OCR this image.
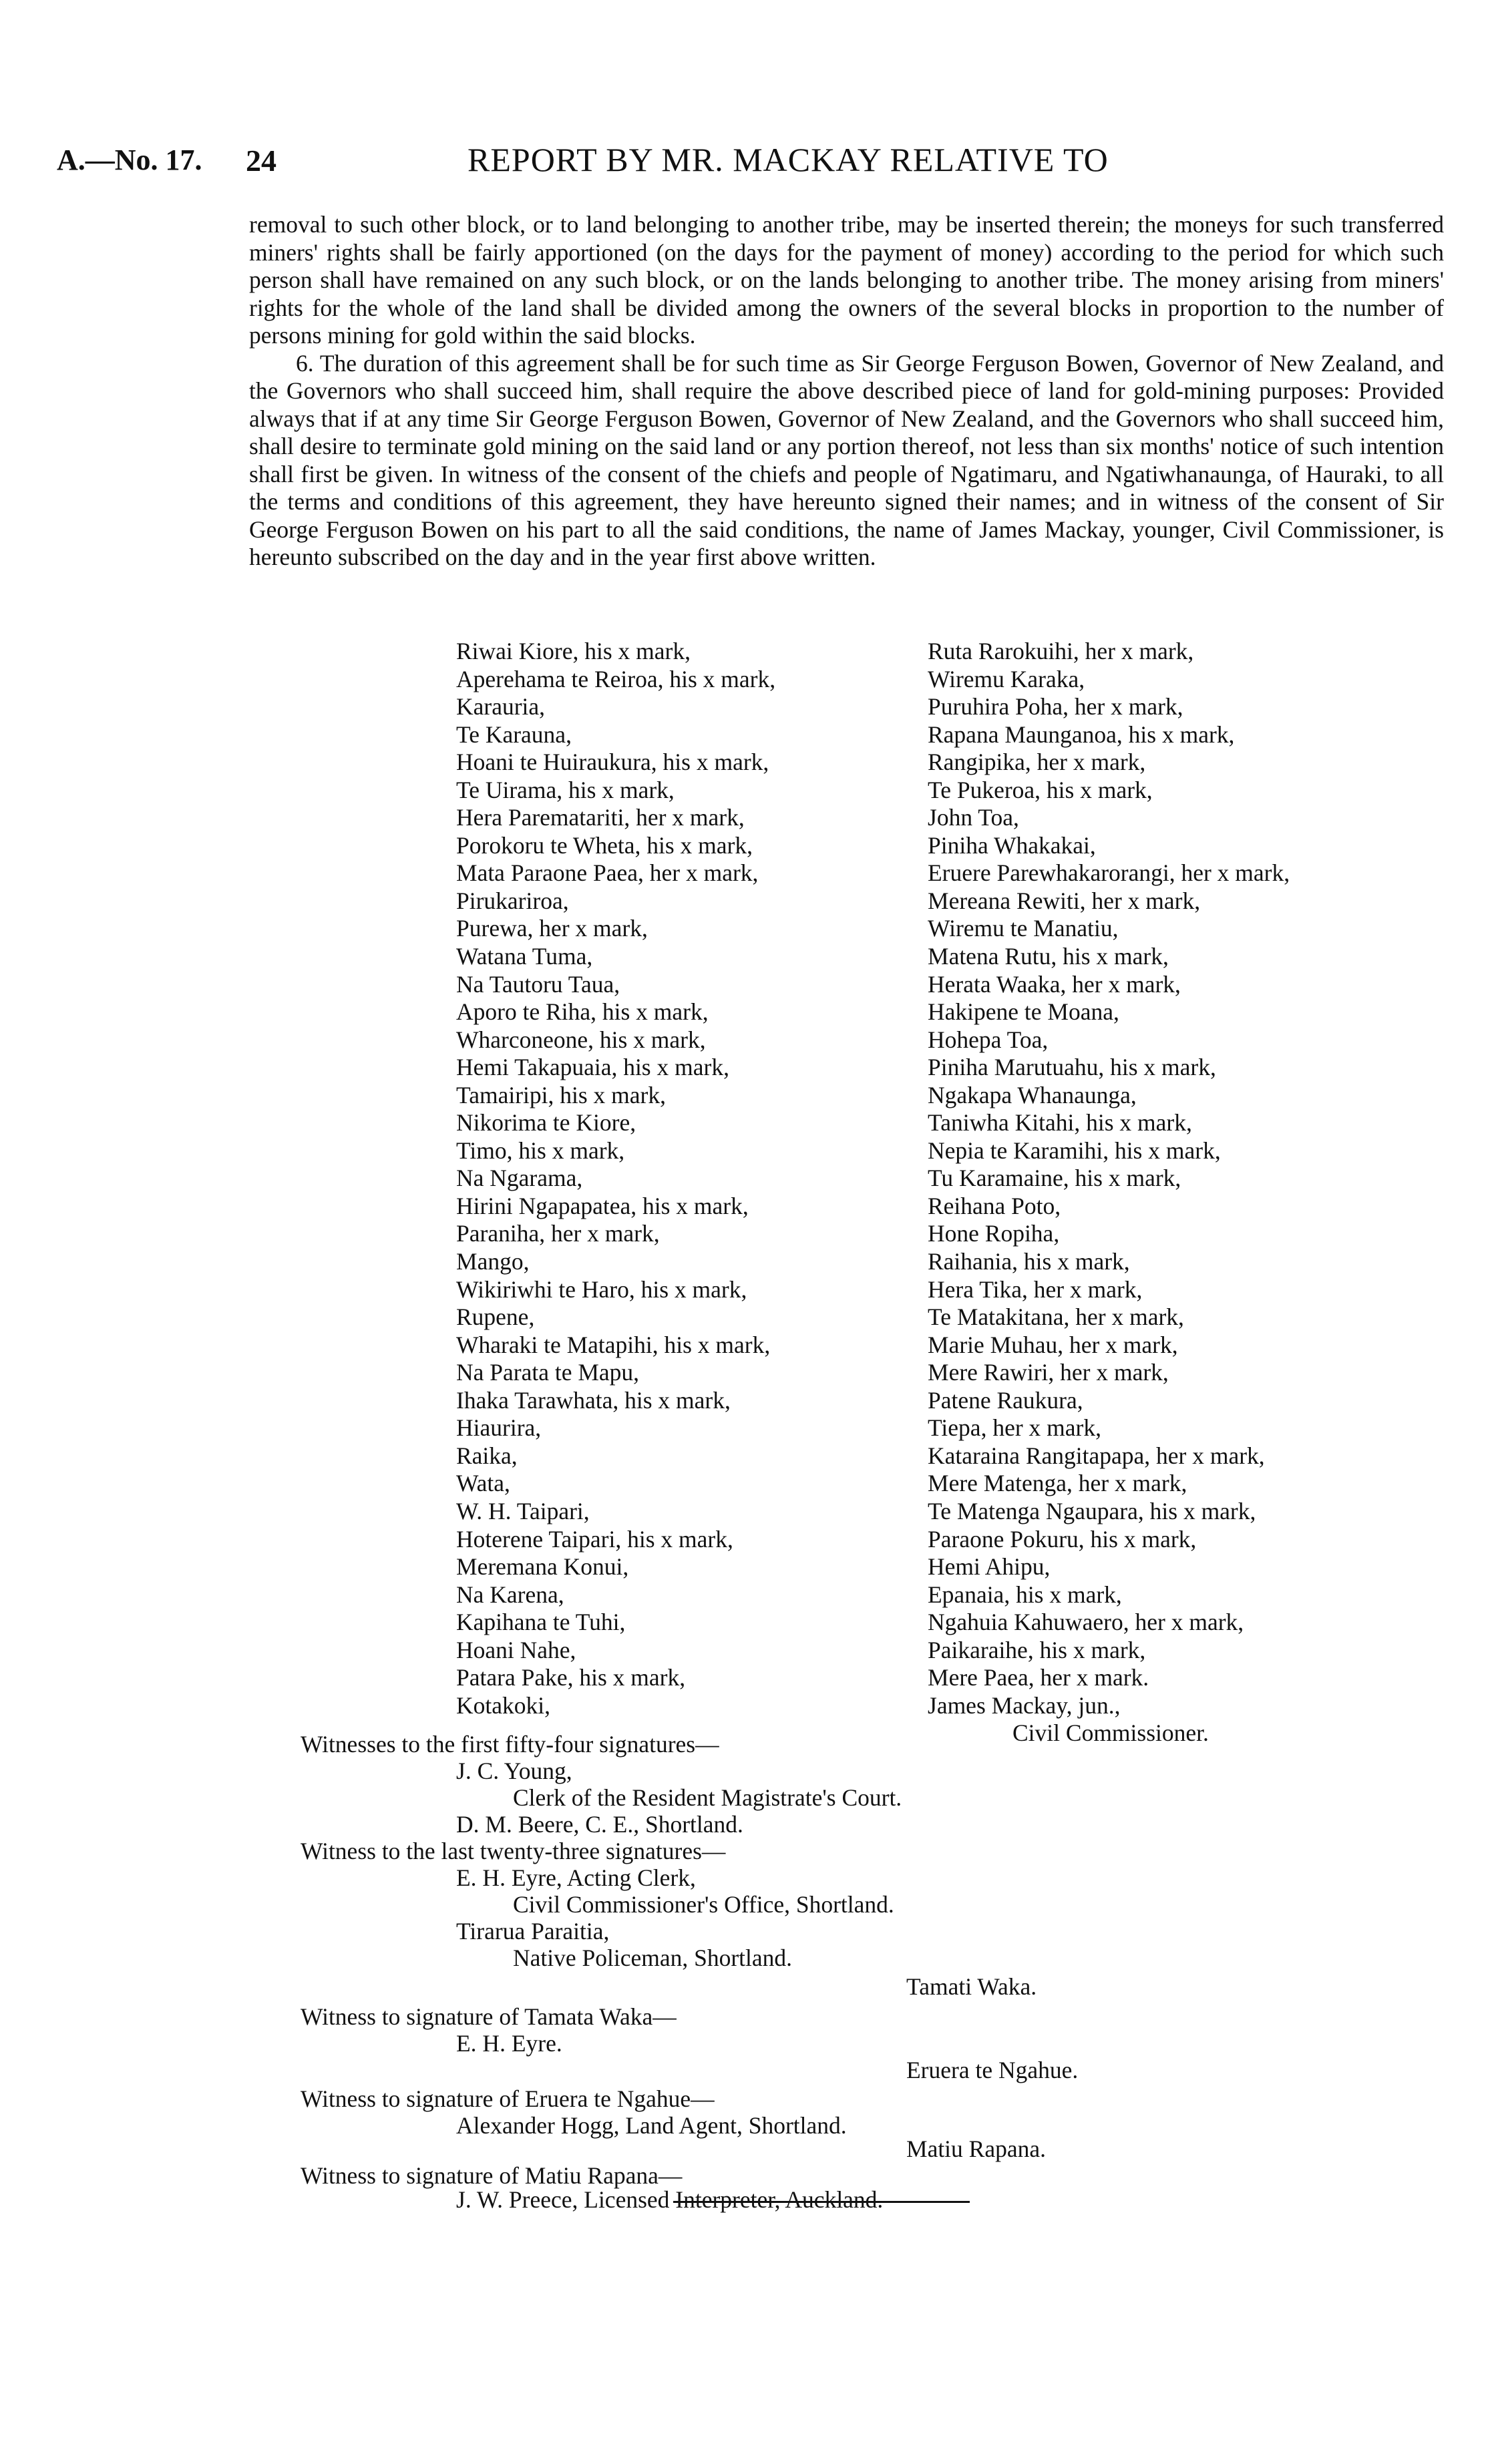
A.—No. 17. 24	REPORT BY MR. MACKAY RELATIVE TO

removal to such other block, or to land belonging to another tribe, may be inserted therein; the moneys for such transferred miners' rights shall be fairly apportioned (on the days for the payment of money) according to the period for which such person shall have remained on any such block, or on the lands belonging to another tribe. The money arising from miners' rights for the whole of the land shall be divided among the owners of the several blocks in proportion to the number of persons mining for gold within the said blocks.

6. The duration of this agreement shall be for such time as Sir George Ferguson Bowen, Governor of New Zealand, and the Governors who shall succeed him, shall require the above described piece of land for gold-mining purposes: Provided always that if at any time Sir George Ferguson Bowen, Governor of New Zealand, and the Governors who shall succeed him, shall desire to terminate gold mining on the said land or any portion thereof, not less than six months' notice of such intention shall first be given. In witness of the consent of the chiefs and people of Ngatimaru, and Ngatiwhanaunga, of Hauraki, to all the terms and conditions of this agreement, they have hereunto signed their names; and in witness of the consent of Sir George Ferguson Bowen on his part to all the said conditions, the name of James Mackay, younger, Civil Commissioner, is hereunto subscribed on the day and in the year first above written.

Riwai Kiore, his x mark,
Aperehama te Reiroa, his x mark,
Karauria,
Te Karauna,
Hoani te Huiraukura, his x mark,
Te Uirama, his x mark,
Hera Parematariti, her x mark,
Porokoru te Wheta, his x mark,
Mata Paraone Paea, her x mark,
Pirukariroa,
Purewa, her x mark,
Watana Tuma,
Na Tautoru Taua,
Aporo te Riha, his x mark,
Wharconeone, his x mark,
Hemi Takapuaia, his x mark,
Tamairipi, his x mark,
Nikorima te Kiore,
Timo, his x mark,
Na Ngarama,
Hirini Ngapapatea, his x mark,
Paraniha, her x mark,
Mango,
Wikiriwhi te Haro, his x mark,
Rupene,
Wharaki te Matapihi, his x mark,
Na Parata te Mapu,
Ihaka Tarawhata, his x mark,
Hiaurira,
Raika,
Wata,
W. H. Taipari,
Hoterene Taipari, his x mark,
Meremana Konui,
Na Karena,
Kapihana te Tuhi,
Hoani Nahe,
Patara Pake, his x mark,
Kotakoki,
Ruta Rarokuihi, her x mark,
Wiremu Karaka,
Puruhira Poha, her x mark,
Rapana Maunganoa, his x mark,
Rangipika, her x mark,
Te Pukeroa, his x mark,
John Toa,
Piniha Whakakai,
Eruere Parewhakarorangi, her x mark,
Mereana Rewiti, her x mark,
Wiremu te Manatiu,
Matena Rutu, his x mark,
Herata Waaka, her x mark,
Hakipene te Moana,
Hohepa Toa,
Piniha Marutuahu, his x mark,
Ngakapa Whanaunga,
Taniwha Kitahi, his x mark,
Nepia te Karamihi, his x mark,
Tu Karamaine, his x mark,
Reihana Poto,
Hone Ropiha,
Raihania, his x mark,
Hera Tika, her x mark,
Te Matakitana, her x mark,
Marie Muhau, her x mark,
Mere Rawiri, her x mark,
Patene Raukura,
Tiepa, her x mark,
Kataraina Rangitapapa, her x mark,
Mere Matenga, her x mark,
Te Matenga Ngaupara, his x mark,
Paraone Pokuru, his x mark,
Hemi Ahipu,
Epanaia, his x mark,
Ngahuia Kahuwaero, her x mark,
Paikaraihe, his x mark,
Mere Paea, her x mark.
James Mackay, jun.,
Civil Commissioner.
Witnesses to the first fifty-four signatures—
J. C. Young,
Clerk of the Resident Magistrate's Court.
D. M. Beere, C. E., Shortland.
Witness to the last twenty-three signatures—
E. H. Eyre, Acting Clerk,
Civil Commissioner's Office, Shortland.
Tirarua Paraitia,
Native Policeman, Shortland.
Tamati Waka.
Witness to signature of Tamata Waka—
E. H. Eyre.
Eruera te Ngahue.
Witness to signature of Eruera te Ngahue—
Alexander Hogg, Land Agent, Shortland.
Matiu Rapana.
Witness to signature of Matiu Rapana—
J. W. Preece, Licensed Interpreter, Auckland.
